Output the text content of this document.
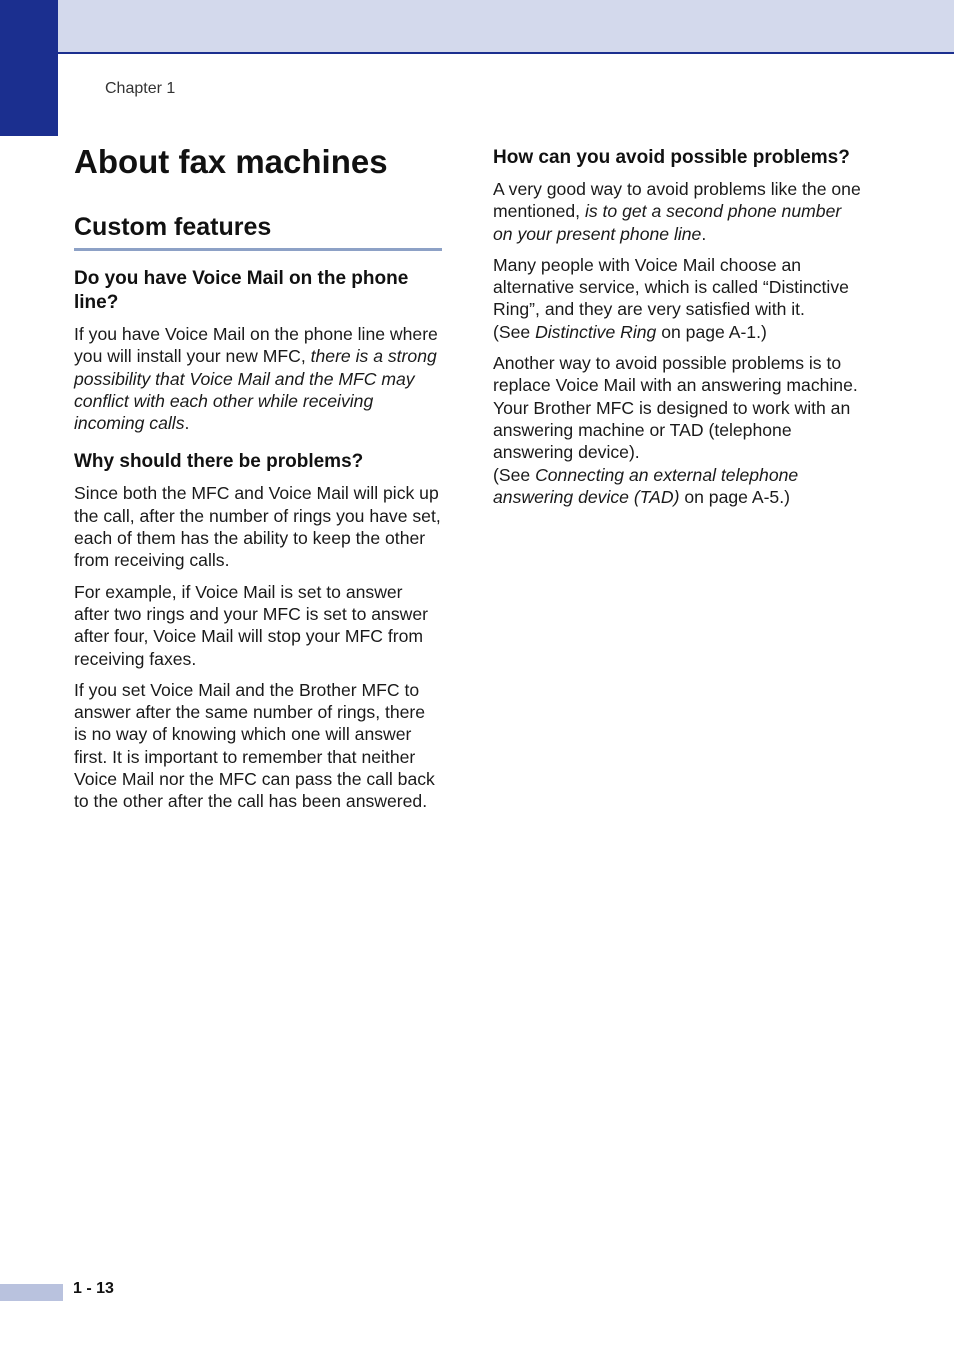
Chapter 1
About fax machines
Custom features
Do you have Voice Mail on the phone line?

If you have Voice Mail on the phone line where you will install your new MFC, there is a strong possibility that Voice Mail and the MFC may conflict with each other while receiving incoming calls.

Why should there be problems?

Since both the MFC and Voice Mail will pick up the call, after the number of rings you have set, each of them has the ability to keep the other from receiving calls.

For example, if Voice Mail is set to answer after two rings and your MFC is set to answer after four, Voice Mail will stop your MFC from receiving faxes.

If you set Voice Mail and the Brother MFC to answer after the same number of rings, there is no way of knowing which one will answer first. It is important to remember that neither Voice Mail nor the MFC can pass the call back to the other after the call has been answered.

How can you avoid possible problems?

A very good way to avoid problems like the one mentioned, is to get a second phone number on your present phone line.

Many people with Voice Mail choose an alternative service, which is called “Distinctive Ring”, and they are very satisfied with it.
(See Distinctive Ring on page A-1.)

Another way to avoid possible problems is to replace Voice Mail with an answering machine. Your Brother MFC is designed to work with an answering machine or TAD (telephone answering device).
(See Connecting an external telephone answering device (TAD) on page A-5.)

1 - 13
